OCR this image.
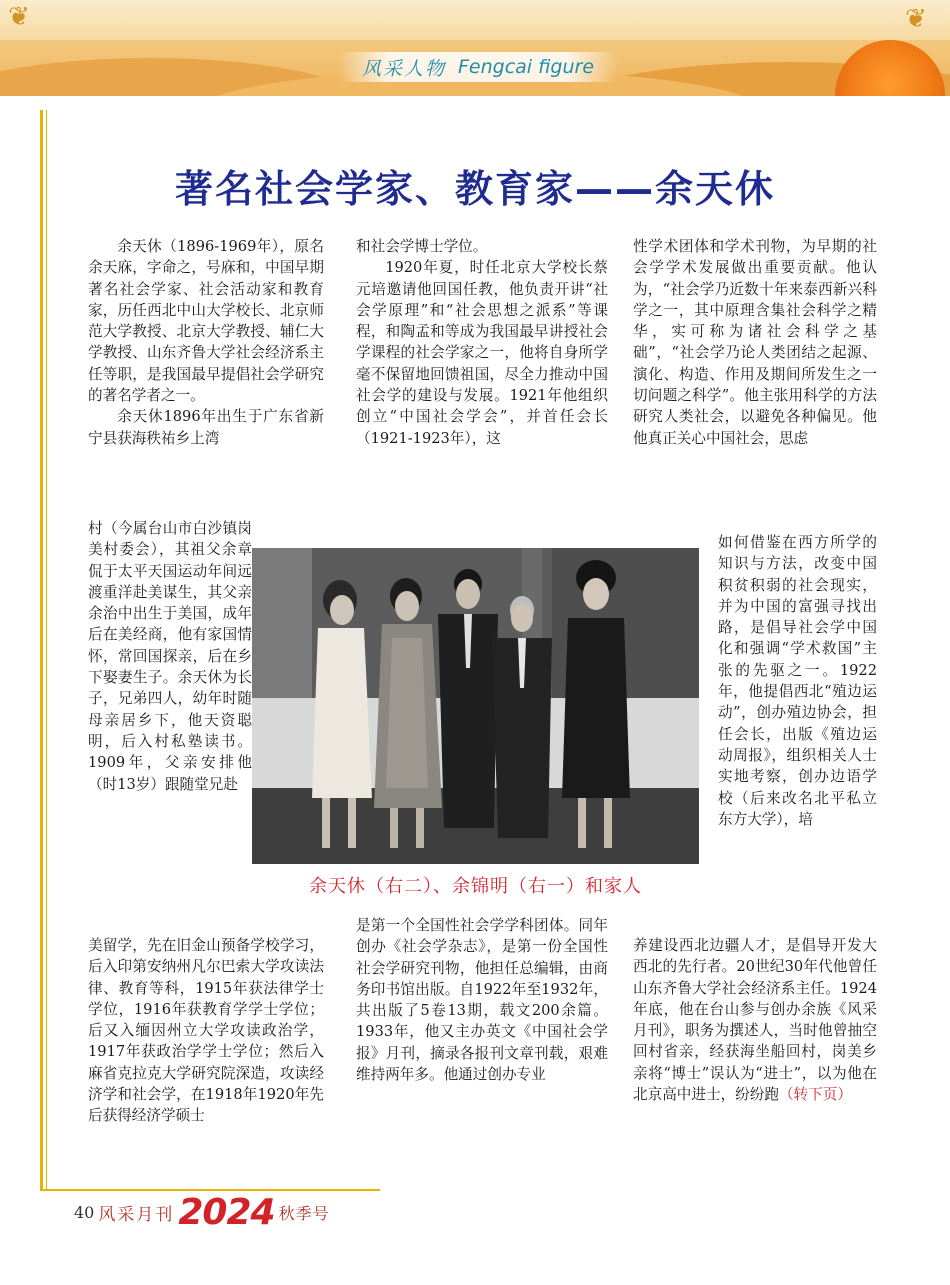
❦	❦
风采人物 Fengcai figure
著名社会学家、教育家——余天休

余天休（1896-1969年），原名余天庥，字命之，号庥和，中国早期著名社会学家、社会活动家和教育家，历任西北中山大学校长、北京师范大学教授、北京大学教授、辅仁大学教授、山东齐鲁大学社会经济系主任等职，是我国最早提倡社会学研究的著名学者之一。

余天休1896年出生于广东省新宁县获海秩祐乡上湾

村（今属台山市白沙镇岗美村委会），其祖父余章侃于太平天国运动年间远渡重洋赴美谋生，其父亲余治中出生于美国，成年后在美经商，他有家国情怀，常回国探亲，后在乡下娶妻生子。余天休为长子，兄弟四人，幼年时随母亲居乡下，他天资聪明，后入村私塾读书。1909年，父亲安排他（时13岁）跟随堂兄赴

美留学，先在旧金山预备学校学习，后入印第安纳州凡尔巴索大学攻读法律、教育等科，1915年获法律学士学位，1916年获教育学学士学位；后又入缅因州立大学攻读政治学，1917年获政治学学士学位；然后入麻省克拉克大学研究院深造，攻读经济学和社会学，在1918年1920年先后获得经济学硕士

和社会学博士学位。

1920年夏，时任北京大学校长蔡元培邀请他回国任教，他负责开讲“社会学原理”和“社会思想之派系”等课程，和陶孟和等成为我国最早讲授社会学课程的社会学家之一，他将自身所学毫不保留地回馈祖国，尽全力推动中国社会学的建设与发展。1921年他组织创立“中国社会学会”，并首任会长（1921-1923年），这

是第一个全国性社会学学科团体。同年创办《社会学杂志》，是第一份全国性社会学研究刊物，他担任总编辑，由商务印书馆出版。自1922年至1932年，共出版了5卷13期，载文200余篇。1933年，他又主办英文《中国社会学报》月刊，摘录各报刊文章刊载，艰难维持两年多。他通过创办专业

性学术团体和学术刊物，为早期的社会学学术发展做出重要贡献。他认为，“社会学乃近数十年来泰西新兴科学之一，其中原理含集社会科学之精华，实可称为诸社会科学之基础”，“社会学乃论人类团结之起源、演化、构造、作用及期间所发生之一切问题之科学”。他主张用科学的方法研究人类社会，以避免各种偏见。他他真正关心中国社会，思虑

如何借鉴在西方所学的知识与方法，改变中国积贫积弱的社会现实，并为中国的富强寻找出路，是倡导社会学中国化和强调“学术救国”主张的先驱之一。1922年，他提倡西北“殖边运动”，创办殖边协会，担任会长，出版《殖边运动周报》，组织相关人士实地考察，创办边语学校（后来改名北平私立东方大学），培

养建设西北边疆人才，是倡导开发大西北的先行者。20世纪30年代他曾任山东齐鲁大学社会经济系主任。1924年底，他在台山参与创办余族《风采月刊》，职务为撰述人，当时他曾抽空回村省亲，经获海坐船回村，岗美乡亲将“博士”误认为“进士”，以为他在北京高中进士，纷纷跑（转下页）

余天休（右二）、余锦明（右一）和家人
40 风采月刊 2024 秋季号
